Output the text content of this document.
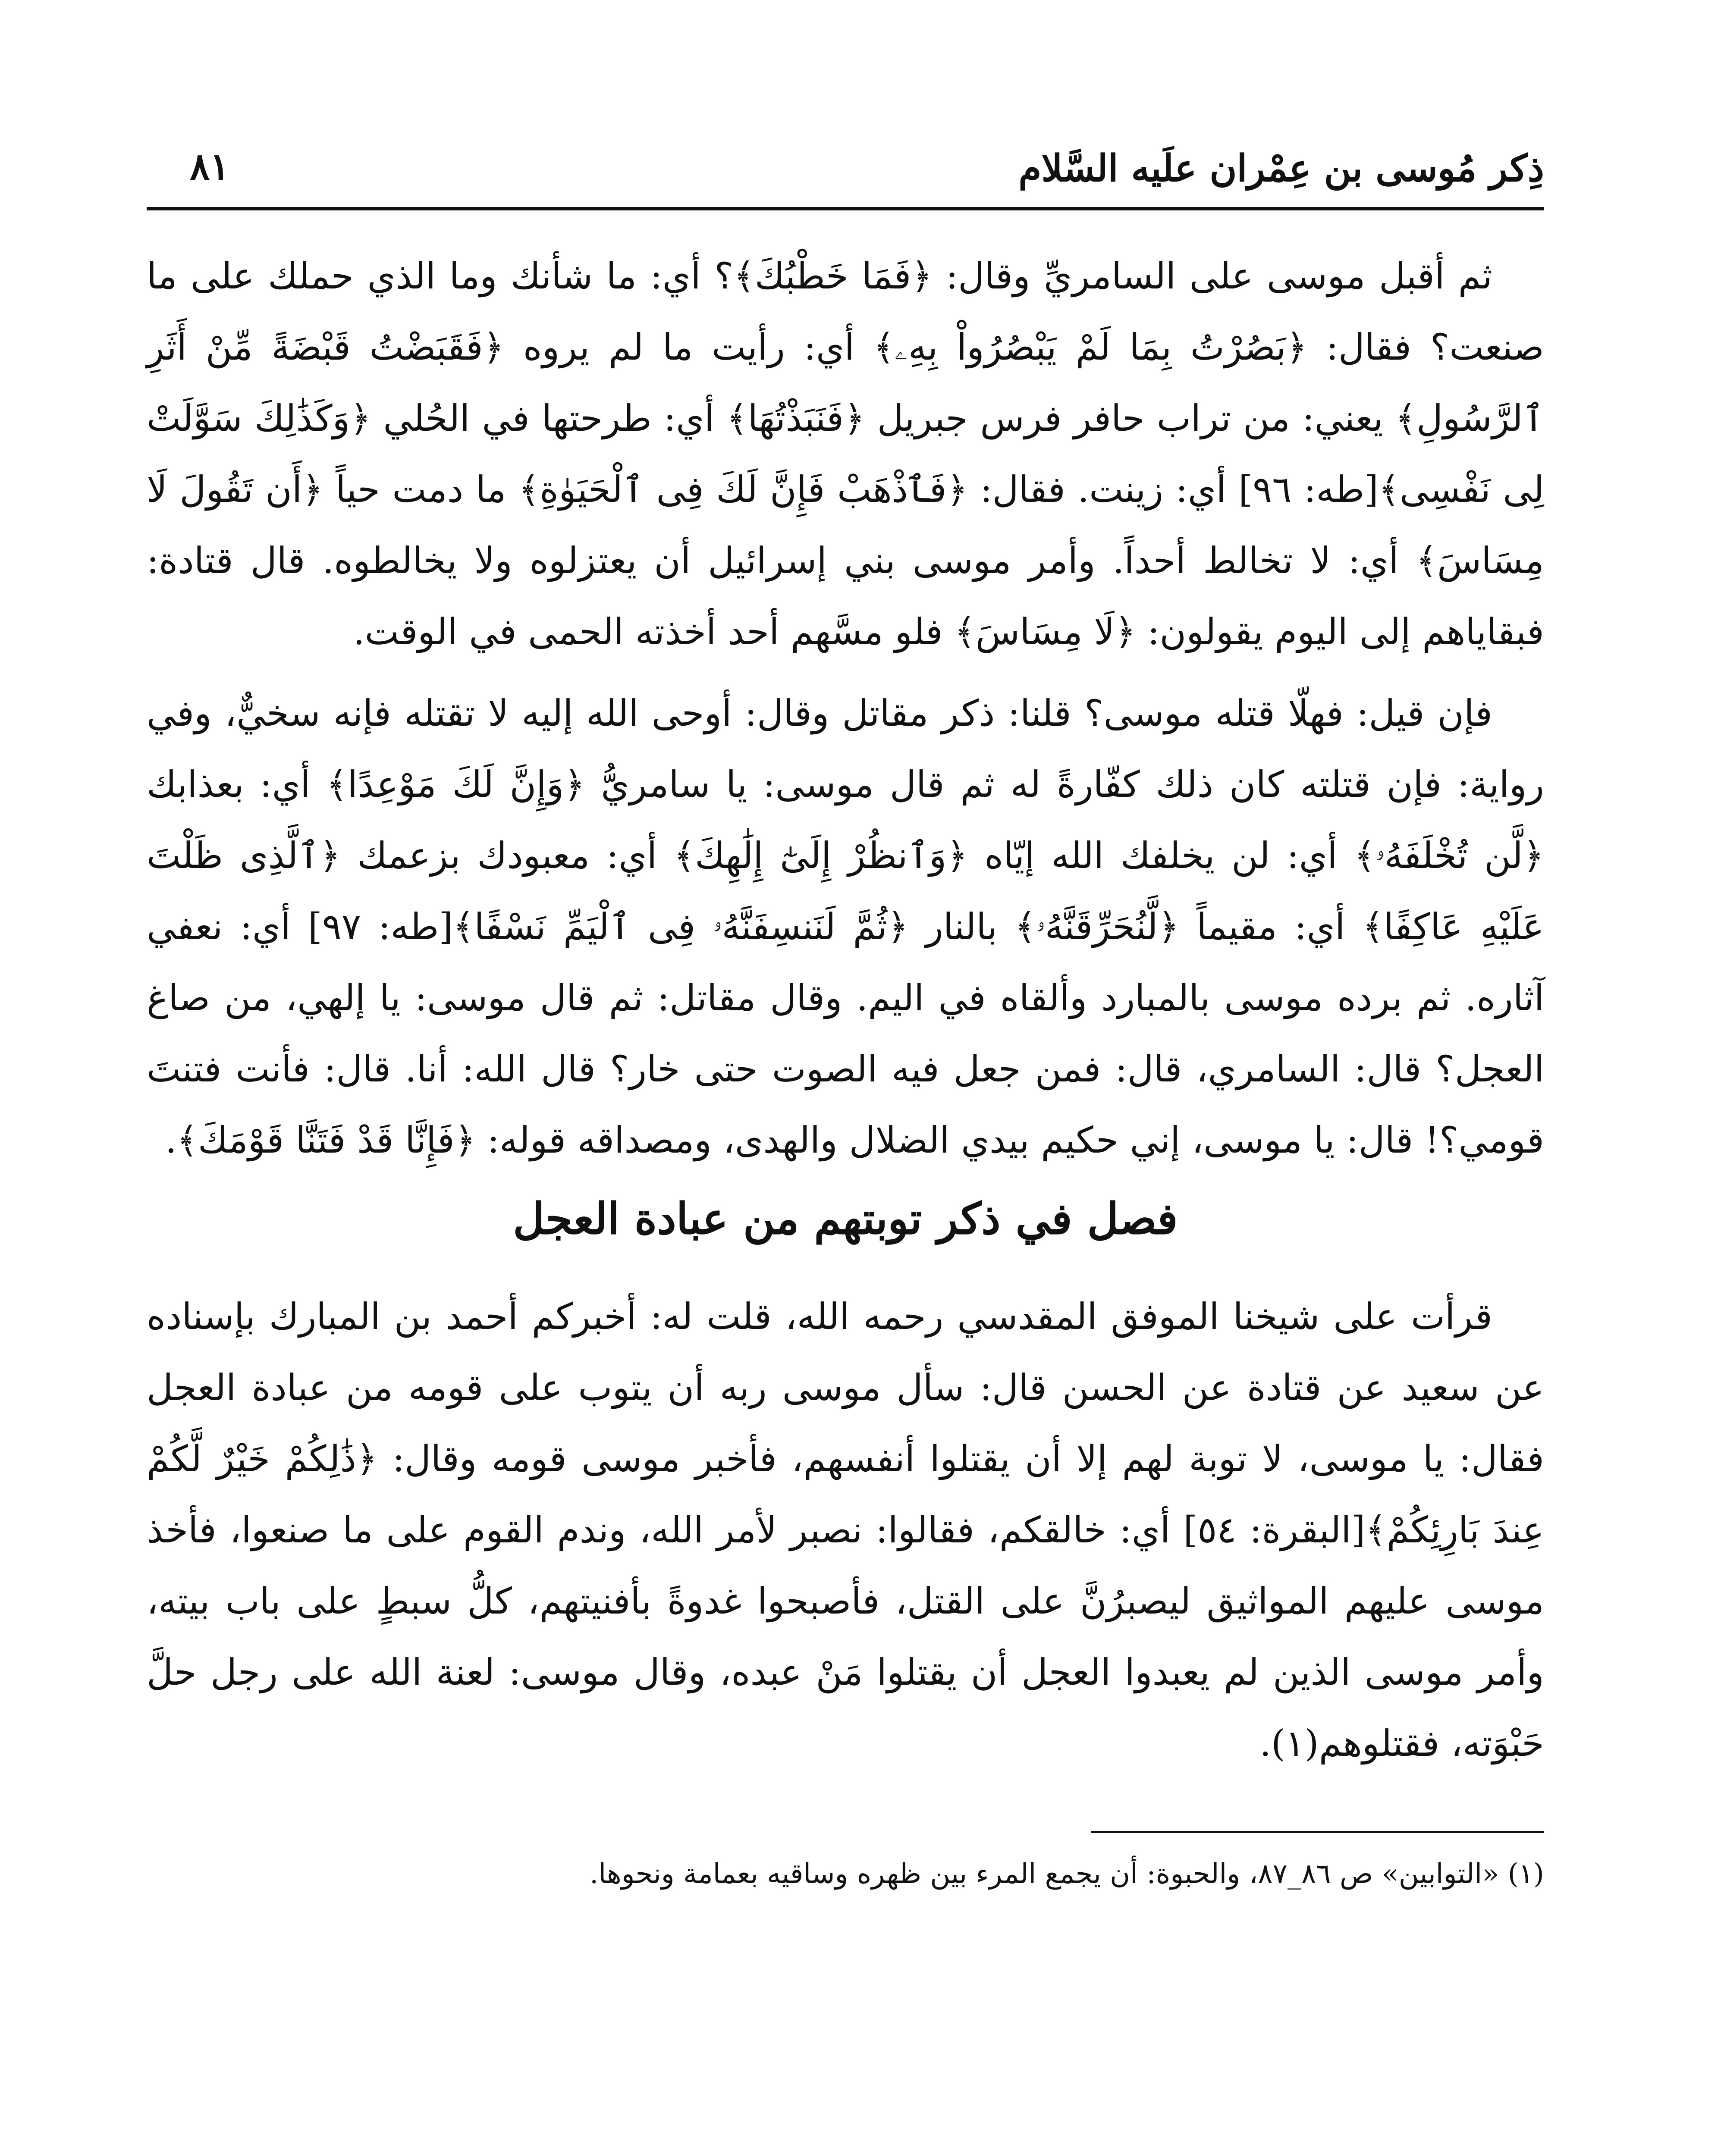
ذِكر مُوسى بن عِمْران علَيه السَّلام
٨١

ثم أقبل موسى على السامريِّ وقال: ﴿فَمَا خَطْبُكَ﴾؟ أي: ما شأنك وما الذي حملك على ما صنعت؟ فقال: ﴿بَصُرْتُ بِمَا لَمْ يَبْصُرُواْ بِهِۦ﴾ أي: رأيت ما لم يروه ﴿فَقَبَضْتُ قَبْضَةً مِّنْ أَثَرِ ٱلرَّسُولِ﴾ يعني: من تراب حافر فرس جبريل ﴿فَنَبَذْتُهَا﴾ أي: طرحتها في الحُلي ﴿وَكَذَٰلِكَ سَوَّلَتْ لِى نَفْسِى﴾[طه: ٩٦] أي: زينت. فقال: ﴿فَٱذْهَبْ فَإِنَّ لَكَ فِى ٱلْحَيَوٰةِ﴾ ما دمت حياً ﴿أَن تَقُولَ لَا مِسَاسَ﴾ أي: لا تخالط أحداً. وأمر موسى بني إسرائيل أن يعتزلوه ولا يخالطوه. قال قتادة: فبقاياهم إلى اليوم يقولون: ﴿لَا مِسَاسَ﴾ فلو مسَّهم أحد أخذته الحمى في الوقت.

فإن قيل: فهلّا قتله موسى؟ قلنا: ذكر مقاتل وقال: أوحى الله إليه لا تقتله فإنه سخيٌّ، وفي رواية: فإن قتلته كان ذلك كفّارةً له ثم قال موسى: يا سامريُّ ﴿وَإِنَّ لَكَ مَوْعِدًا﴾ أي: بعذابك ﴿لَّن تُخْلَفَهُۥ﴾ أي: لن يخلفك الله إيّاه ﴿وَٱنظُرْ إِلَىٰٓ إِلَٰهِكَ﴾ أي: معبودك بزعمك ﴿ٱلَّذِى ظَلْتَ عَلَيْهِ عَاكِفًا﴾ أي: مقيماً ﴿لَّنُحَرِّقَنَّهُۥ﴾ بالنار ﴿ثُمَّ لَنَنسِفَنَّهُۥ فِى ٱلْيَمِّ نَسْفًا﴾[طه: ٩٧] أي: نعفي آثاره. ثم برده موسى بالمبارد وألقاه في اليم. وقال مقاتل: ثم قال موسى: يا إلهي، من صاغ العجل؟ قال: السامري، قال: فمن جعل فيه الصوت حتى خار؟ قال الله: أنا. قال: فأنت فتنتَ قومي؟! قال: يا موسى، إني حكيم بيدي الضلال والهدى، ومصداقه قوله: ﴿فَإِنَّا قَدْ فَتَنَّا قَوْمَكَ﴾.

فصل في ذكر توبتهم من عبادة العجل

قرأت على شيخنا الموفق المقدسي رحمه الله، قلت له: أخبركم أحمد بن المبارك بإسناده عن سعيد عن قتادة عن الحسن قال: سأل موسى ربه أن يتوب على قومه من عبادة العجل فقال: يا موسى، لا توبة لهم إلا أن يقتلوا أنفسهم، فأخبر موسى قومه وقال: ﴿ذَٰلِكُمْ خَيْرٌ لَّكُمْ عِندَ بَارِئِكُمْ﴾[البقرة: ٥٤] أي: خالقكم، فقالوا: نصبر لأمر الله، وندم القوم على ما صنعوا، فأخذ موسى عليهم المواثيق ليصبرُنَّ على القتل، فأصبحوا غدوةً بأفنيتهم، كلُّ سبطٍ على باب بيته، وأمر موسى الذين لم يعبدوا العجل أن يقتلوا مَنْ عبده، وقال موسى: لعنة الله على رجل حلَّ حَبْوَته، فقتلوهم(١).

(١) «التوابين» ص ٨٦_٨٧، والحبوة: أن يجمع المرء بين ظهره وساقيه بعمامة ونحوها.
